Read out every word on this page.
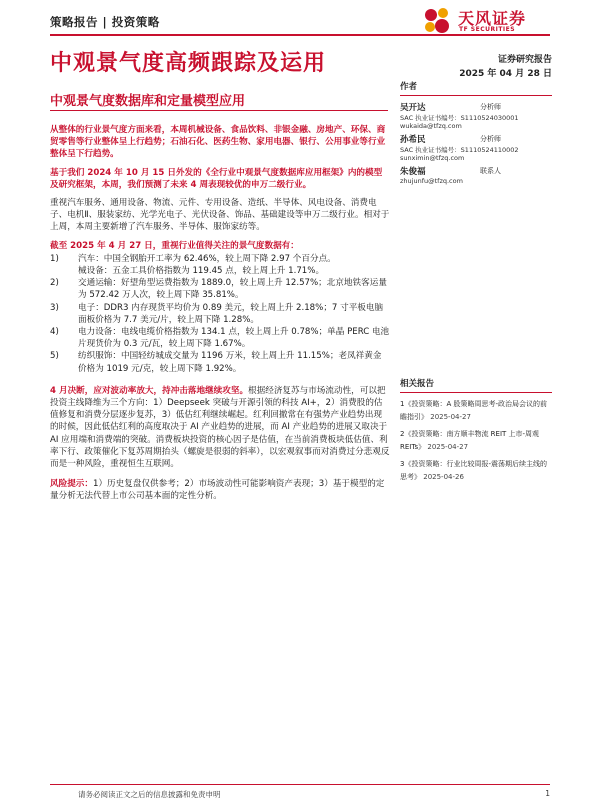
策略报告 | 投资策略	天风证券
TF SECURITIES
中观景气度高频跟踪及运用	证券研究报告
2025 年 04 月 28 日
中观景气度数据库和定量模型应用

从整体的行业景气度方面来看，本周机械设备、食品饮料、非银金融、房地产、环保、商贸零售等行业整体呈上行趋势；石油石化、医药生物、家用电器、银行、公用事业等行业整体呈下行趋势。

基于我们 2024 年 10 月 15 日外发的《全行业中观景气度数据库应用框架》内的模型及研究框架，本周，我们预测了未来 4 周表现较优的申万二级行业。

重视汽车服务、通用设备、物流、元件、专用设备、造纸、半导体、风电设备、消费电子、电机Ⅱ、服装家纺、光学光电子、光伏设备、饰品、基础建设等申万二级行业。相对于上周，本周主要新增了汽车服务、半导体、服饰家纺等。

截至 2025 年 4 月 27 日，重视行业值得关注的景气度数据有：

1) 汽车：中国全钢胎开工率为 62.46%，较上周下降 2.97 个百分点。
械设备：五金工具价格指数为 119.45 点，较上周上升 1.71%。
2) 交通运输：好望角型运费指数为 1889.0，较上周上升 12.57%；北京地铁客运量为 572.42 万人次，较上周下降 35.81%。
3) 电子：DDR3 内存现货平均价为 0.89 美元，较上周上升 2.18%；7 寸平板电脑面板价格为 7.7 美元/片，较上周下降 1.28%。
4) 电力设备：电线电缆价格指数为 134.1 点，较上周上升 0.78%；单晶 PERC 电池片现货价为 0.3 元/瓦，较上周下降 1.67%。
5) 纺织服饰：中国轻纺城成交量为 1196 万米，较上周上升 11.15%；老凤祥黄金价格为 1019 元/克，较上周下降 1.92%。

4 月决断，应对波动率放大，持冲击落地继续攻坚。根据经济复苏与市场流动性，可以把投资主线降维为三个方向：1）Deepseek 突破与开源引领的科技 AI+，2）消费股的估值修复和消费分层逐步复苏，3）低估红利继续崛起。红利回撤常在有强势产业趋势出现的时候，因此低估红利的高度取决于 AI 产业趋势的进展，而 AI 产业趋势的进展又取决于 AI 应用端和消费端的突破。消费板块投资的核心因子是估值，在当前消费板块低估值、利率下行、政策催化下复苏周期抬头（螺旋是很弱的斜率），以宏观叙事而对消费过分悲观反而是一种风险，重视恒生互联网。

风险提示：1）历史复盘仅供参考；2）市场波动性可能影响资产表现；3）基于模型的定量分析无法代替上市公司基本面的定性分析。

作者
吴开达	分析师
SAC 执业证书编号：S1110524030001
wukaida@tfzq.com
孙希民	分析师
SAC 执业证书编号：S1110524110002
sunximin@tfzq.com
朱俊福	联系人
zhujunfu@tfzq.com
相关报告
1《投资策略：A 股策略周思考-政治局会议的前瞻指引》 2025-04-27
2《投资策略：南方顺丰物流 REIT 上市-周观 REITs》 2025-04-27
3《投资策略：行业比较周报-震荡期后续主线的思考》 2025-04-26
请务必阅读正文之后的信息披露和免责申明	1
